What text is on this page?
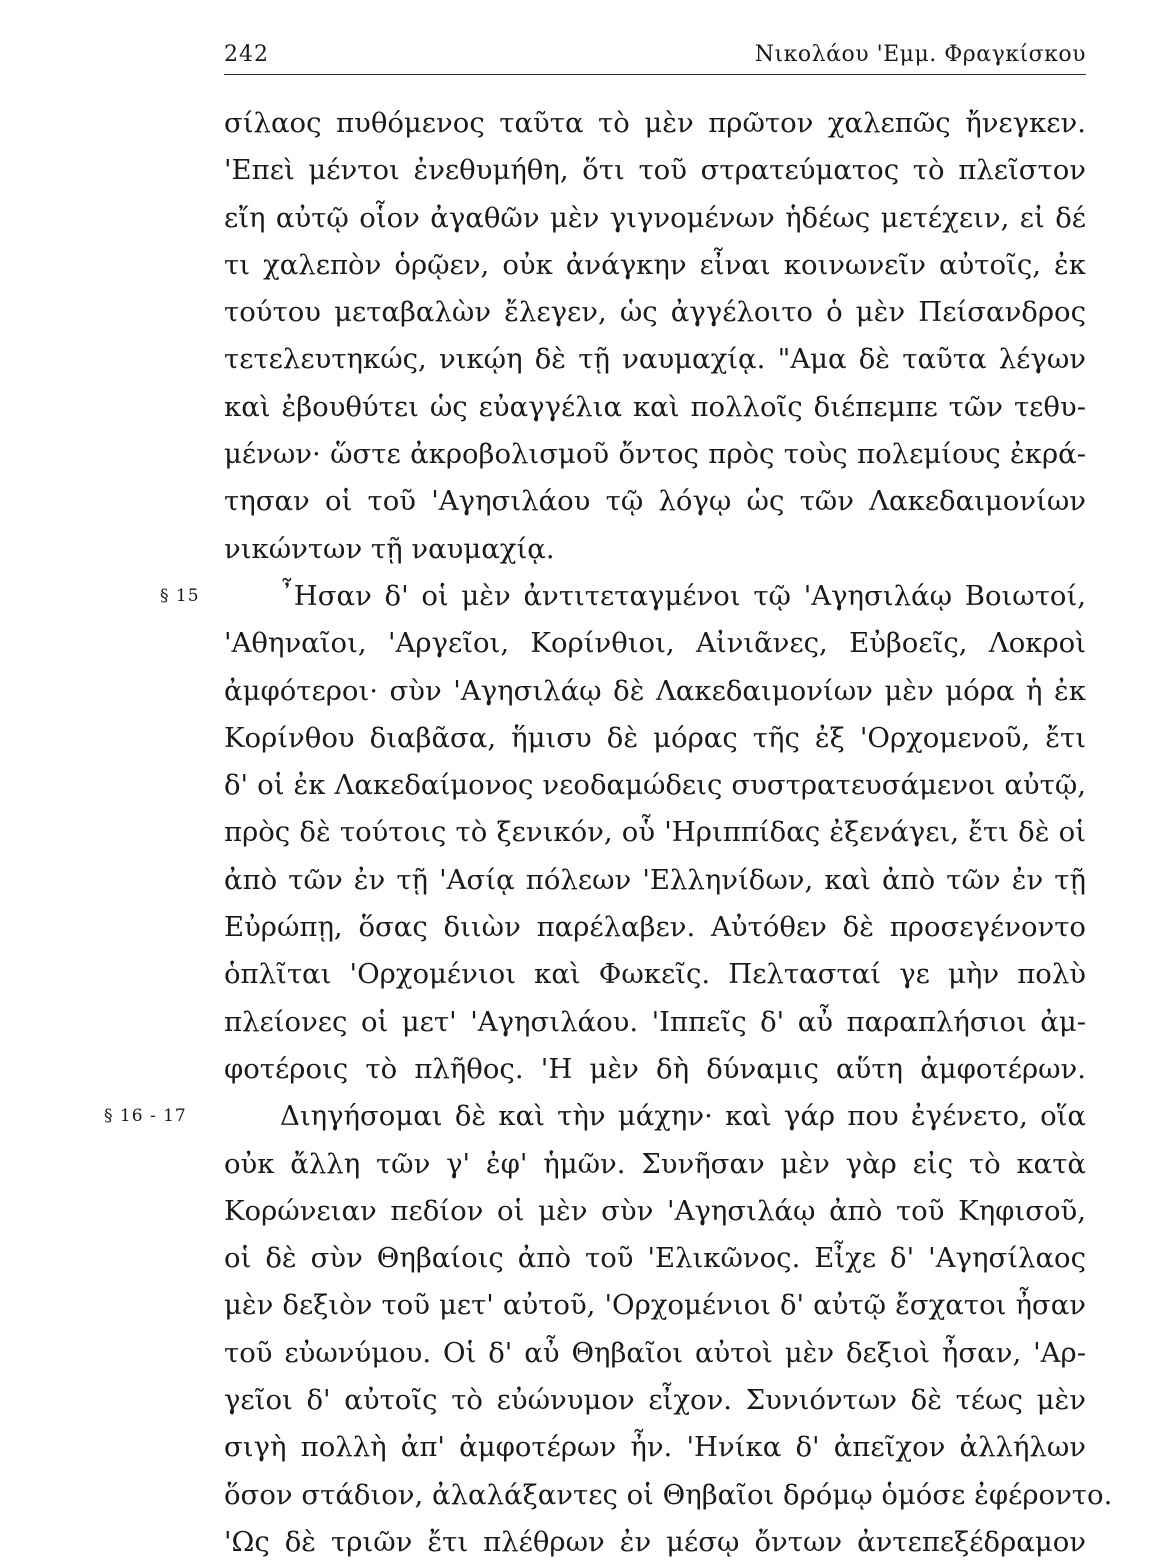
242	Νικολάου 'Εμμ. Φραγκίσκου
σίλαος πυθόμενος ταῦτα τὸ μὲν πρῶτον χαλεπῶς ἤνεγκεν.
'Επεὶ μέντοι ἐνεθυμήθη, ὅτι τοῦ στρατεύματος τὸ πλεῖστον
εἴη αὐτῷ οἷον ἀγαθῶν μὲν γιγνομένων ἡδέως μετέχειν, εἰ δέ
τι χαλεπὸν ὁρῷεν, οὐκ ἀνάγκην εἶναι κοινωνεῖν αὐτοῖς, ἐκ
τούτου μεταβαλὼν ἔλεγεν, ὡς ἀγγέλοιτο ὁ μὲν Πείσανδρος
τετελευτηκώς, νικῴη δὲ τῇ ναυμαχίᾳ. "Αμα δὲ ταῦτα λέγων
καὶ ἐβουθύτει ὡς εὐαγγέλια καὶ πολλοῖς διέπεμπε τῶν τεθυ-
μένων· ὥστε ἀκροβολισμοῦ ὄντος πρὸς τοὺς πολεμίους ἐκρά-
τησαν οἱ τοῦ 'Αγησιλάου τῷ λόγῳ ὡς τῶν Λακεδαιμονίων
νικώντων τῇ ναυμαχίᾳ.
§ 15	῏Ησαν δ' οἱ μὲν ἀντιτεταγμένοι τῷ 'Αγησιλάῳ Βοιωτοί,
'Αθηναῖοι, 'Αργεῖοι, Κορίνθιοι, Αἰνιᾶνες, Εὐβοεῖς, Λοκροὶ
ἀμφότεροι· σὺν 'Αγησιλάῳ δὲ Λακεδαιμονίων μὲν μόρα ἡ ἐκ
Κορίνθου διαβᾶσα, ἥμισυ δὲ μόρας τῆς ἐξ 'Ορχομενοῦ, ἔτι
δ' οἱ ἐκ Λακεδαίμονος νεοδαμώδεις συστρατευσάμενοι αὐτῷ,
πρὸς δὲ τούτοις τὸ ξενικόν, οὗ 'Ηριππίδας ἐξενάγει, ἔτι δὲ οἱ
ἀπὸ τῶν ἐν τῇ 'Ασίᾳ πόλεων 'Ελληνίδων, καὶ ἀπὸ τῶν ἐν τῇ
Εὐρώπῃ, ὅσας διιὼν παρέλαβεν. Αὐτόθεν δὲ προσεγένοντο
ὁπλῖται 'Ορχομένιοι καὶ Φωκεῖς. Πελτασταί γε μὴν πολὺ
πλείονες οἱ μετ' 'Αγησιλάου. 'Ιππεῖς δ' αὖ παραπλήσιοι ἀμ-
φοτέροις τὸ πλῆθος. 'Η μὲν δὴ δύναμις αὕτη ἀμφοτέρων.
§ 16 - 17	Διηγήσομαι δὲ καὶ τὴν μάχην· καὶ γάρ που ἐγένετο, οἵα
οὐκ ἄλλη τῶν γ' ἐφ' ἡμῶν. Συνῆσαν μὲν γὰρ εἰς τὸ κατὰ
Κορώνειαν πεδίον οἱ μὲν σὺν 'Αγησιλάῳ ἀπὸ τοῦ Κηφισοῦ,
οἱ δὲ σὺν Θηβαίοις ἀπὸ τοῦ 'Ελικῶνος. Εἶχε δ' 'Αγησίλαος
μὲν δεξιὸν τοῦ μετ' αὐτοῦ, 'Ορχομένιοι δ' αὐτῷ ἔσχατοι ἦσαν
τοῦ εὐωνύμου. Οἱ δ' αὖ Θηβαῖοι αὐτοὶ μὲν δεξιοὶ ἦσαν, 'Αρ-
γεῖοι δ' αὐτοῖς τὸ εὐώνυμον εἶχον. Συνιόντων δὲ τέως μὲν
σιγὴ πολλὴ ἀπ' ἀμφοτέρων ἦν. 'Ηνίκα δ' ἀπεῖχον ἀλλήλων
ὅσον στάδιον, ἀλαλάξαντες οἱ Θηβαῖοι δρόμῳ ὁμόσε ἐφέροντο.
'Ως δὲ τριῶν ἔτι πλέθρων ἐν μέσῳ ὄντων ἀντεπεξέδραμον
